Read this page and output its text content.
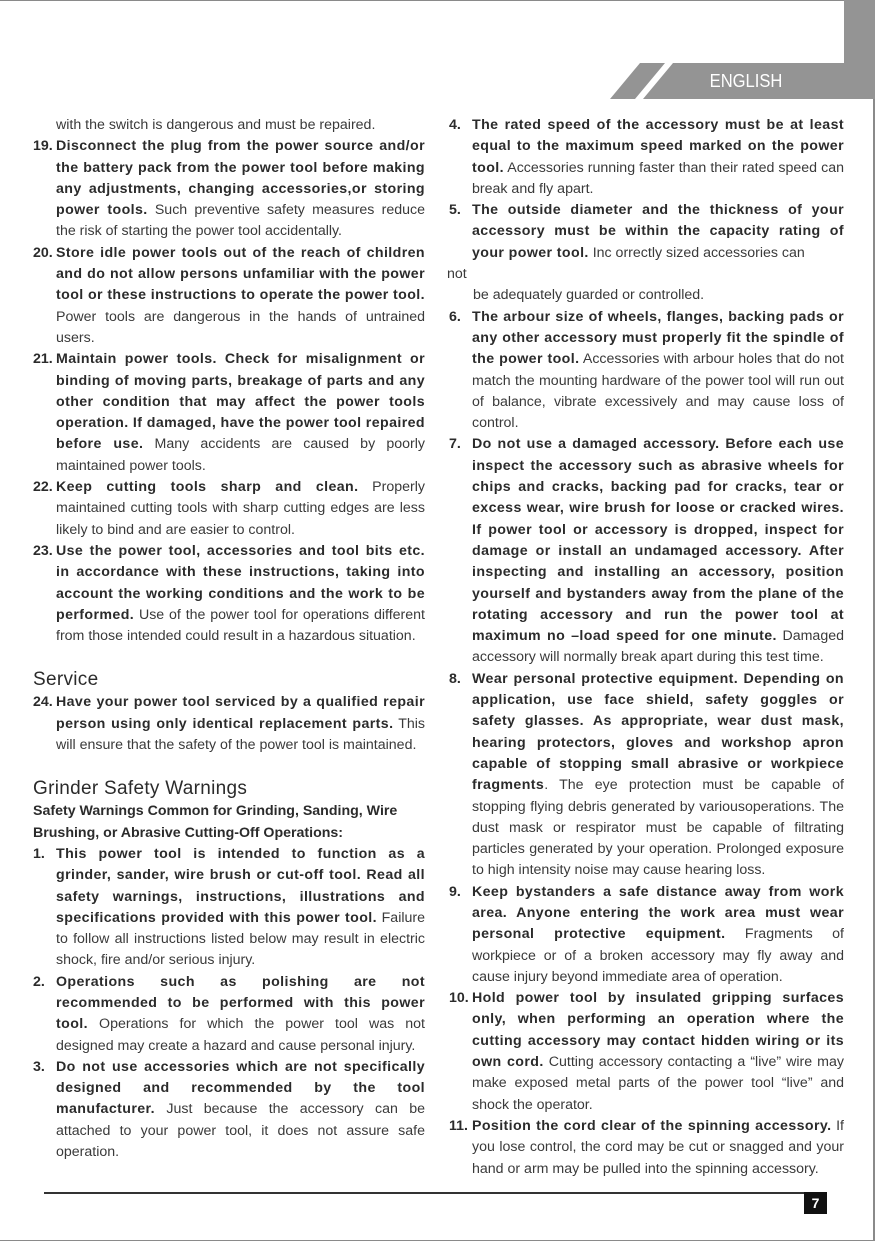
ENGLISH
with the switch is dangerous and must be repaired.
19. Disconnect the plug from the power source and/or the battery pack from the power tool before making any adjustments, changing accessories,or storing power tools. Such preventive safety measures reduce the risk of starting the power tool accidentally.
20. Store idle power tools out of the reach of children and do not allow persons unfamiliar with the power tool or these instructions to operate the power tool. Power tools are dangerous in the hands of untrained users.
21. Maintain power tools. Check for misalignment or binding of moving parts, breakage of parts and any other condition that may affect the power tools operation. If damaged, have the power tool repaired before use. Many accidents are caused by poorly maintained power tools.
22. Keep cutting tools sharp and clean. Properly maintained cutting tools with sharp cutting edges are less likely to bind and are easier to control.
23. Use the power tool, accessories and tool bits etc. in accordance with these instructions, taking into account the working conditions and the work to be performed. Use of the power tool for operations different from those intended could result in a hazardous situation.
Service
24. Have your power tool serviced by a qualified repair person using only identical replacement parts. This will ensure that the safety of the power tool is maintained.
Grinder Safety Warnings
Safety Warnings Common for Grinding, Sanding, Wire Brushing, or Abrasive Cutting-Off Operations:
1. This power tool is intended to function as a grinder, sander, wire brush or cut-off tool. Read all safety warnings, instructions, illustrations and specifications provided with this power tool. Failure to follow all instructions listed below may result in electric shock, fire and/or serious injury.
2. Operations such as polishing are not recommended to be performed with this power tool. Operations for which the power tool was not designed may create a hazard and cause personal injury.
3. Do not use accessories which are not specifically designed and recommended by the tool manufacturer. Just because the accessory can be attached to your power tool, it does not assure safe operation.
4. The rated speed of the accessory must be at least equal to the maximum speed marked on the power tool. Accessories running faster than their rated speed can break and fly apart.
5. The outside diameter and the thickness of your accessory must be within the capacity rating of your power tool. Inc orrectly sized accessories can
not
be adequately guarded or controlled.
6. The arbour size of wheels, flanges, backing pads or any other accessory must properly fit the spindle of the power tool. Accessories with arbour holes that do not match the mounting hardware of the power tool will run out of balance, vibrate excessively and may cause loss of control.
7. Do not use a damaged accessory. Before each use inspect the accessory such as abrasive wheels for chips and cracks, backing pad for cracks, tear or excess wear, wire brush for loose or cracked wires. If power tool or accessory is dropped, inspect for damage or install an undamaged accessory. After inspecting and installing an accessory, position yourself and bystanders away from the plane of the rotating accessory and run the power tool at maximum no –load speed for one minute. Damaged accessory will normally break apart during this test time.
8. Wear personal protective equipment. Depending on application, use face shield, safety goggles or safety glasses. As appropriate, wear dust mask, hearing protectors, gloves and workshop apron capable of stopping small abrasive or workpiece fragments. The eye protection must be capable of stopping flying debris generated by variousoperations. The dust mask or respirator must be capable of filtrating particles generated by your operation. Prolonged exposure to high intensity noise may cause hearing loss.
9. Keep bystanders a safe distance away from work area. Anyone entering the work area must wear personal protective equipment. Fragments of workpiece or of a broken accessory may fly away and cause injury beyond immediate area of operation.
10. Hold power tool by insulated gripping surfaces only, when performing an operation where the cutting accessory may contact hidden wiring or its own cord. Cutting accessory contacting a “live” wire may make exposed metal parts of the power tool “live” and shock the operator.
11. Position the cord clear of the spinning accessory. If you lose control, the cord may be cut or snagged and your hand or arm may be pulled into the spinning accessory.
7
